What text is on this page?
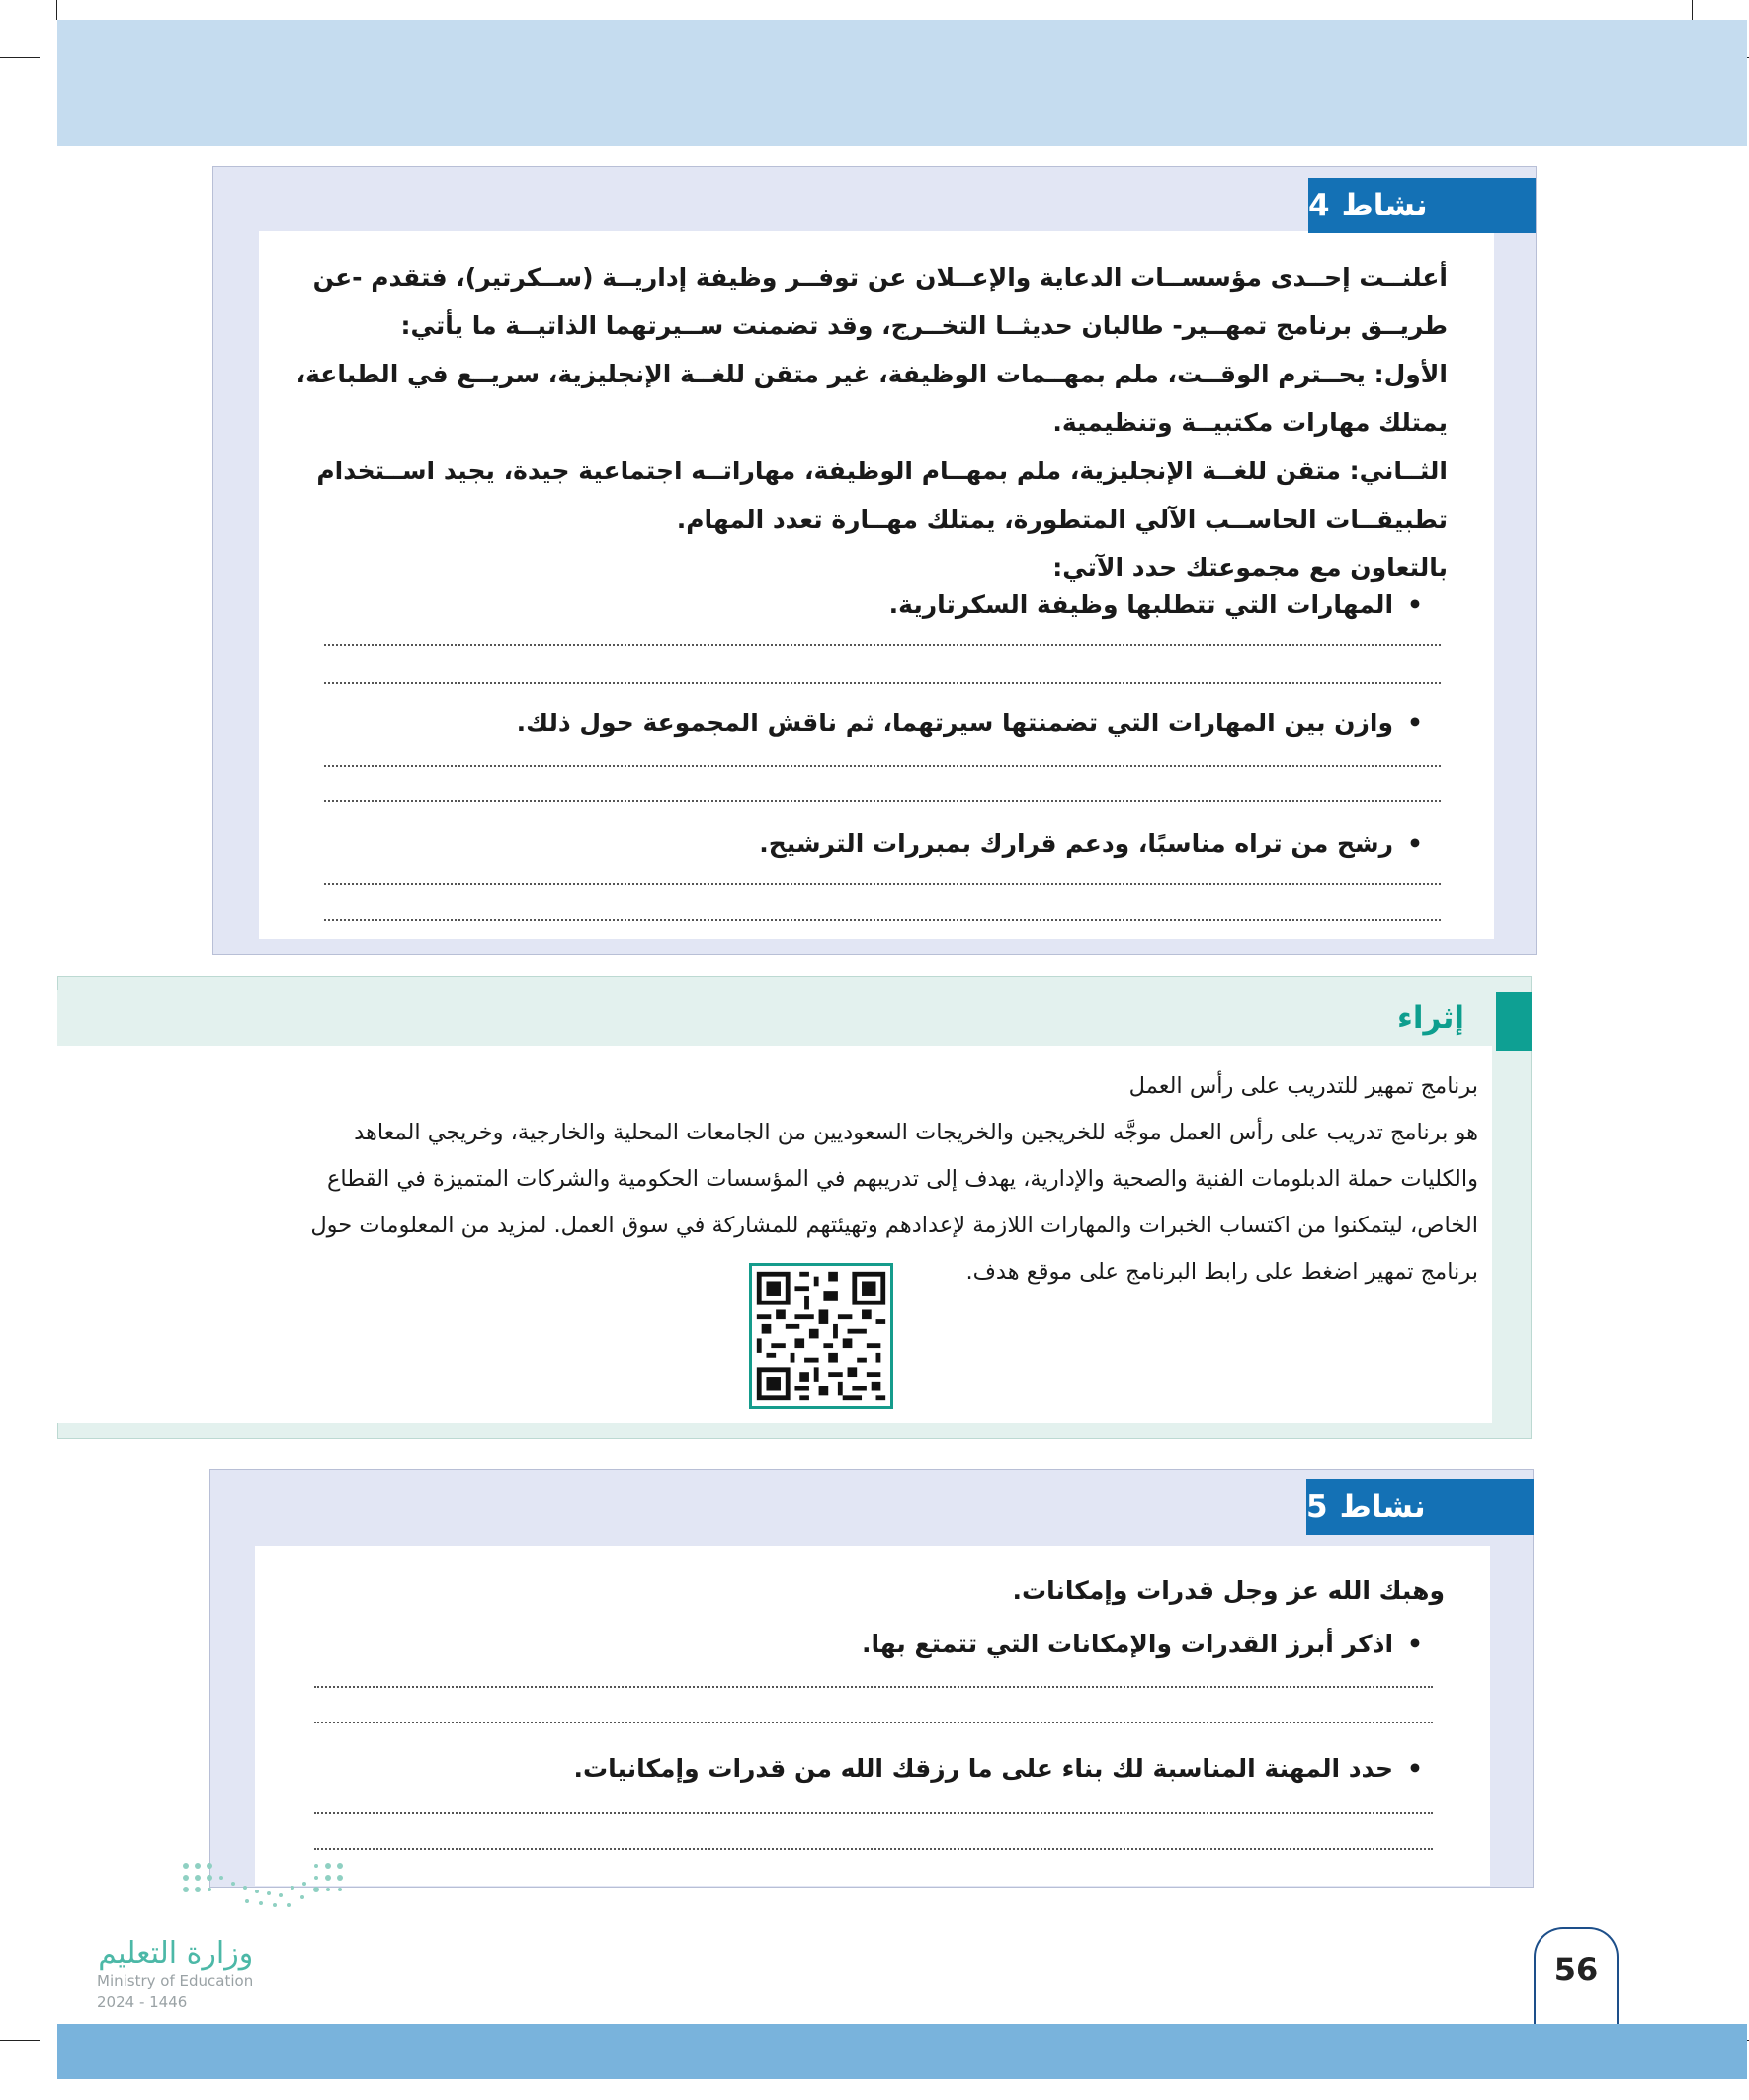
نشاط
4
أعلنــت إحــدى مؤسســات الدعاية والإعــلان عن توفــر وظيفة إداريــة (ســكرتير)، فتقدم -عن
طريــق برنامج تمهــير- طالبان حديثــا التخــرج، وقد تضمنت ســيرتهما الذاتيــة ما يأتي:
الأول: يحــترم الوقــت، ملم بمهــمات الوظيفة، غير متقن للغــة الإنجليزية، سريــع في الطباعة،
يمتلك مهارات مكتبيــة وتنظيمية.
الثــاني: متقن للغــة الإنجليزية، ملم بمهــام الوظيفة، مهاراتــه اجتماعية جيدة، يجيد اســتخدام
تطبيقــات الحاســب الآلي المتطورة، يمتلك مهــارة تعدد المهام.
بالتعاون مع مجموعتك حدد الآتي:
•المهارات التي تتطلبها وظيفة السكرتارية.
•وازن بين المهارات التي تضمنتها سيرتهما، ثم ناقش المجموعة حول ذلك.
•رشح من تراه مناسبًا، ودعم قرارك بمبررات الترشيح.
إثراء
برنامج تمهير للتدريب على رأس العمل
هو برنامج تدريب على رأس العمل موجَّه للخريجين والخريجات السعوديين من الجامعات المحلية والخارجية، وخريجي المعاهد
والكليات حملة الدبلومات الفنية والصحية والإدارية، يهدف إلى تدريبهم في المؤسسات الحكومية والشركات المتميزة في القطاع
الخاص، ليتمكنوا من اكتساب الخبرات والمهارات اللازمة لإعدادهم وتهيئتهم للمشاركة في سوق العمل. لمزيد من المعلومات حول
برنامج تمهير اضغط على رابط البرنامج على موقع هدف.
نشاط
5
وهبك الله عز وجل قدرات وإمكانات.
•اذكر أبرز القدرات والإمكانات التي تتمتع بها.
•حدد المهنة المناسبة لك بناء على ما رزقك الله من قدرات وإمكانيات.
وزارة التعليم
Ministry of Education
2024 - 1446
56
